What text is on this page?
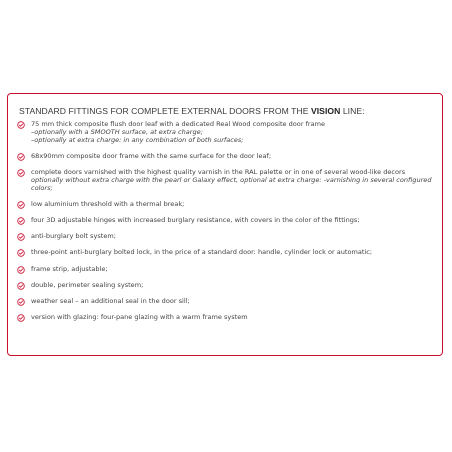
STANDARD FITTINGS FOR COMPLETE EXTERNAL DOORS FROM THE VISION LINE:
75 mm thick composite flush door leaf with a dedicated Real Wood composite door frame
–optionally with a SMOOTH surface, at extra charge;
–optionally at extra charge: in any combination of both surfaces;
68x90mm composite door frame with the same surface for the door leaf;
complete doors varnished with the highest quality varnish in the RAL palette or in one of several wood-like decors optionally without extra charge with the pearl or Galaxy effect, optional at extra charge: -varnishing in several configured colors;
low aluminium threshold with a thermal break;
four 3D adjustable hinges with increased burglary resistance, with covers in the color of the fittings;
anti-burglary bolt system;
three-point anti-burglary bolted lock, in the price of a standard door: handle, cylinder lock or automatic;
frame strip, adjustable;
double, perimeter sealing system;
weather seal – an additional seal in the door sill;
version with glazing: four-pane glazing with a warm frame system
